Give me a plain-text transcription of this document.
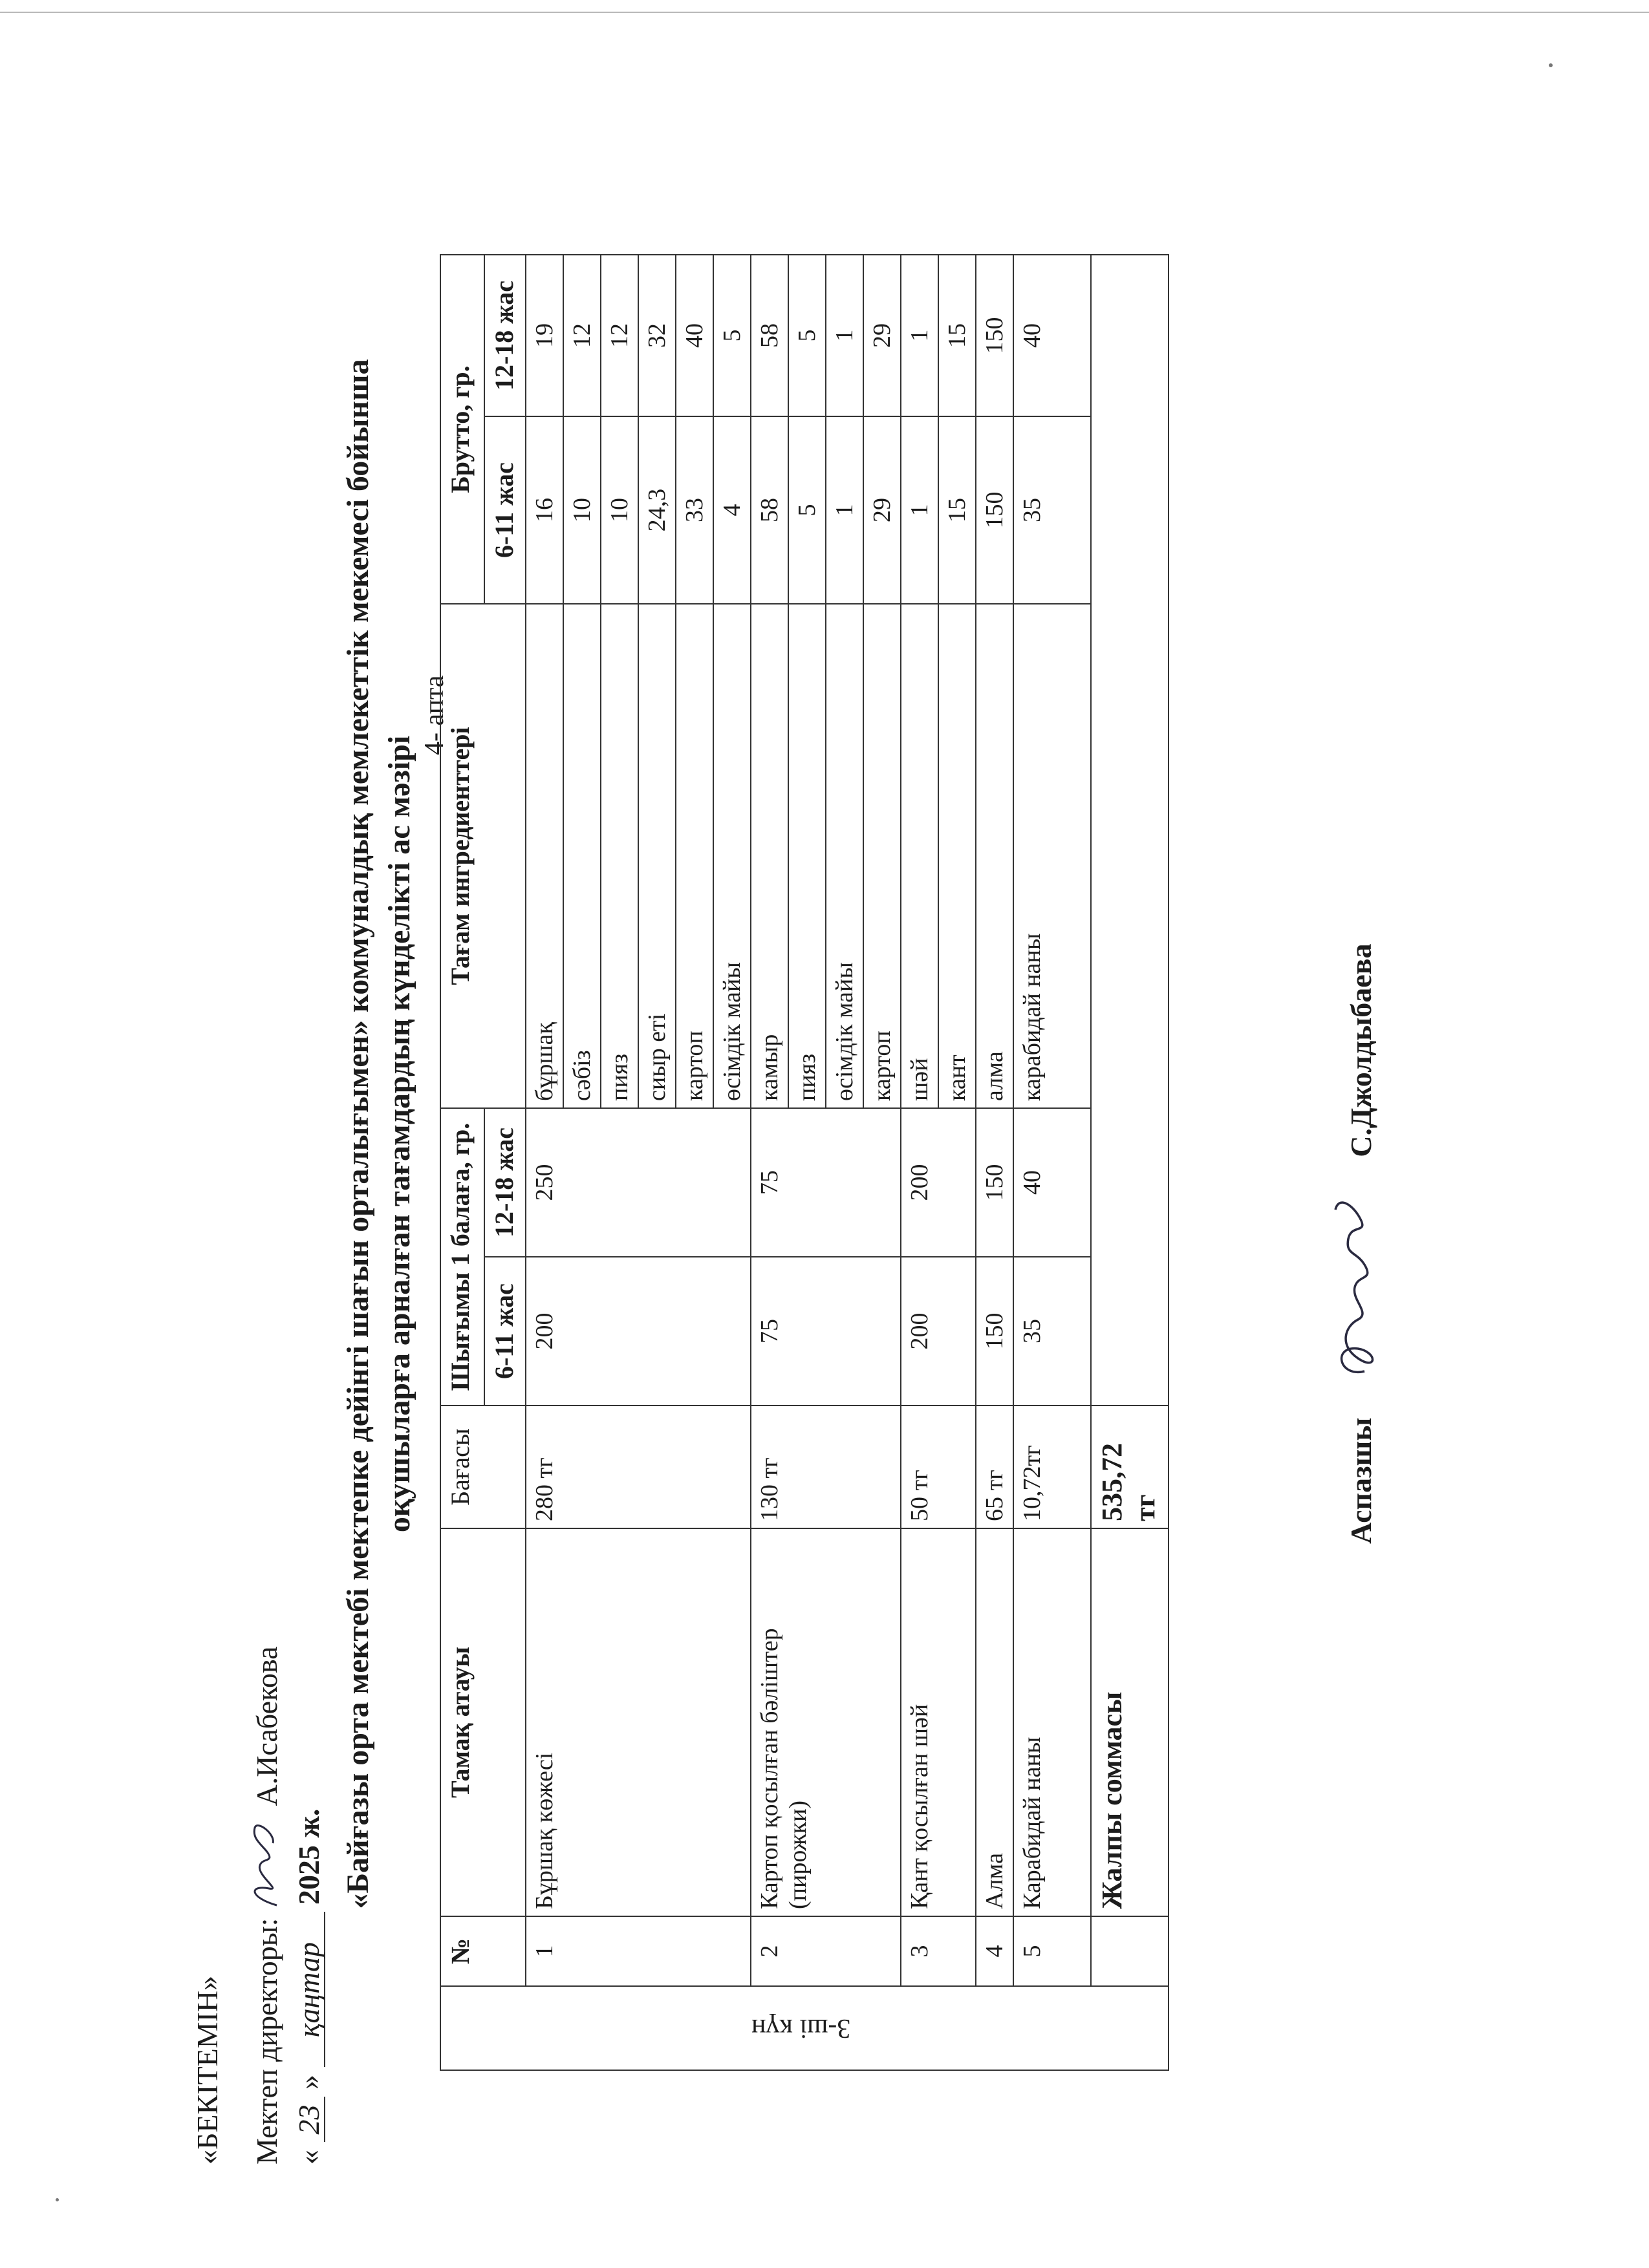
«БЕКІТЕМІН» Мектеп директоры:  А.Исабекова
« 23 » қаңтар 2025 ж. «Байғазы орта мектебі мектепке дейінгі шағын орталығымен» коммуналдық мемлекеттік мекемесі бойынша оқушыларға арналған тағамдардың күнделікті ас мәзірі
4- апта
3-ші күн	№	Тамақ атауы	Бағасы	Шығымы 1 балаға, гр.		Тағам ингредиенттері	Брутто, гр.	
				6-11 жас	12-18 жас		6-11 жас	12-18 жас
	1	Бұршақ көжесі	280 тг	200	250	бұршақ	16	19
						сәбіз	10	12
						пияз	10	12
						сиыр еті	24,3	32
						картоп	33	40
						өсімдік майы	4	5
	2	Картоп қосылған бәліштер (пирожки)	130 тг	75	75	камыр	58	58
						пияз	5	5
						өсімдік майы	1	1
						картоп	29	29
	3	Қант қосылған шәй	50 тг	200	200	шәй	1	1
						кант	15	15
	4	Алма	65 тг	150	150	алма	150	150
	5	Карабидай наны	10,72тг	35	40	карабидай наны	35	40
		Жалпы соммасы	535,72 тг						Аспазшы  С.Джолдыбаева
